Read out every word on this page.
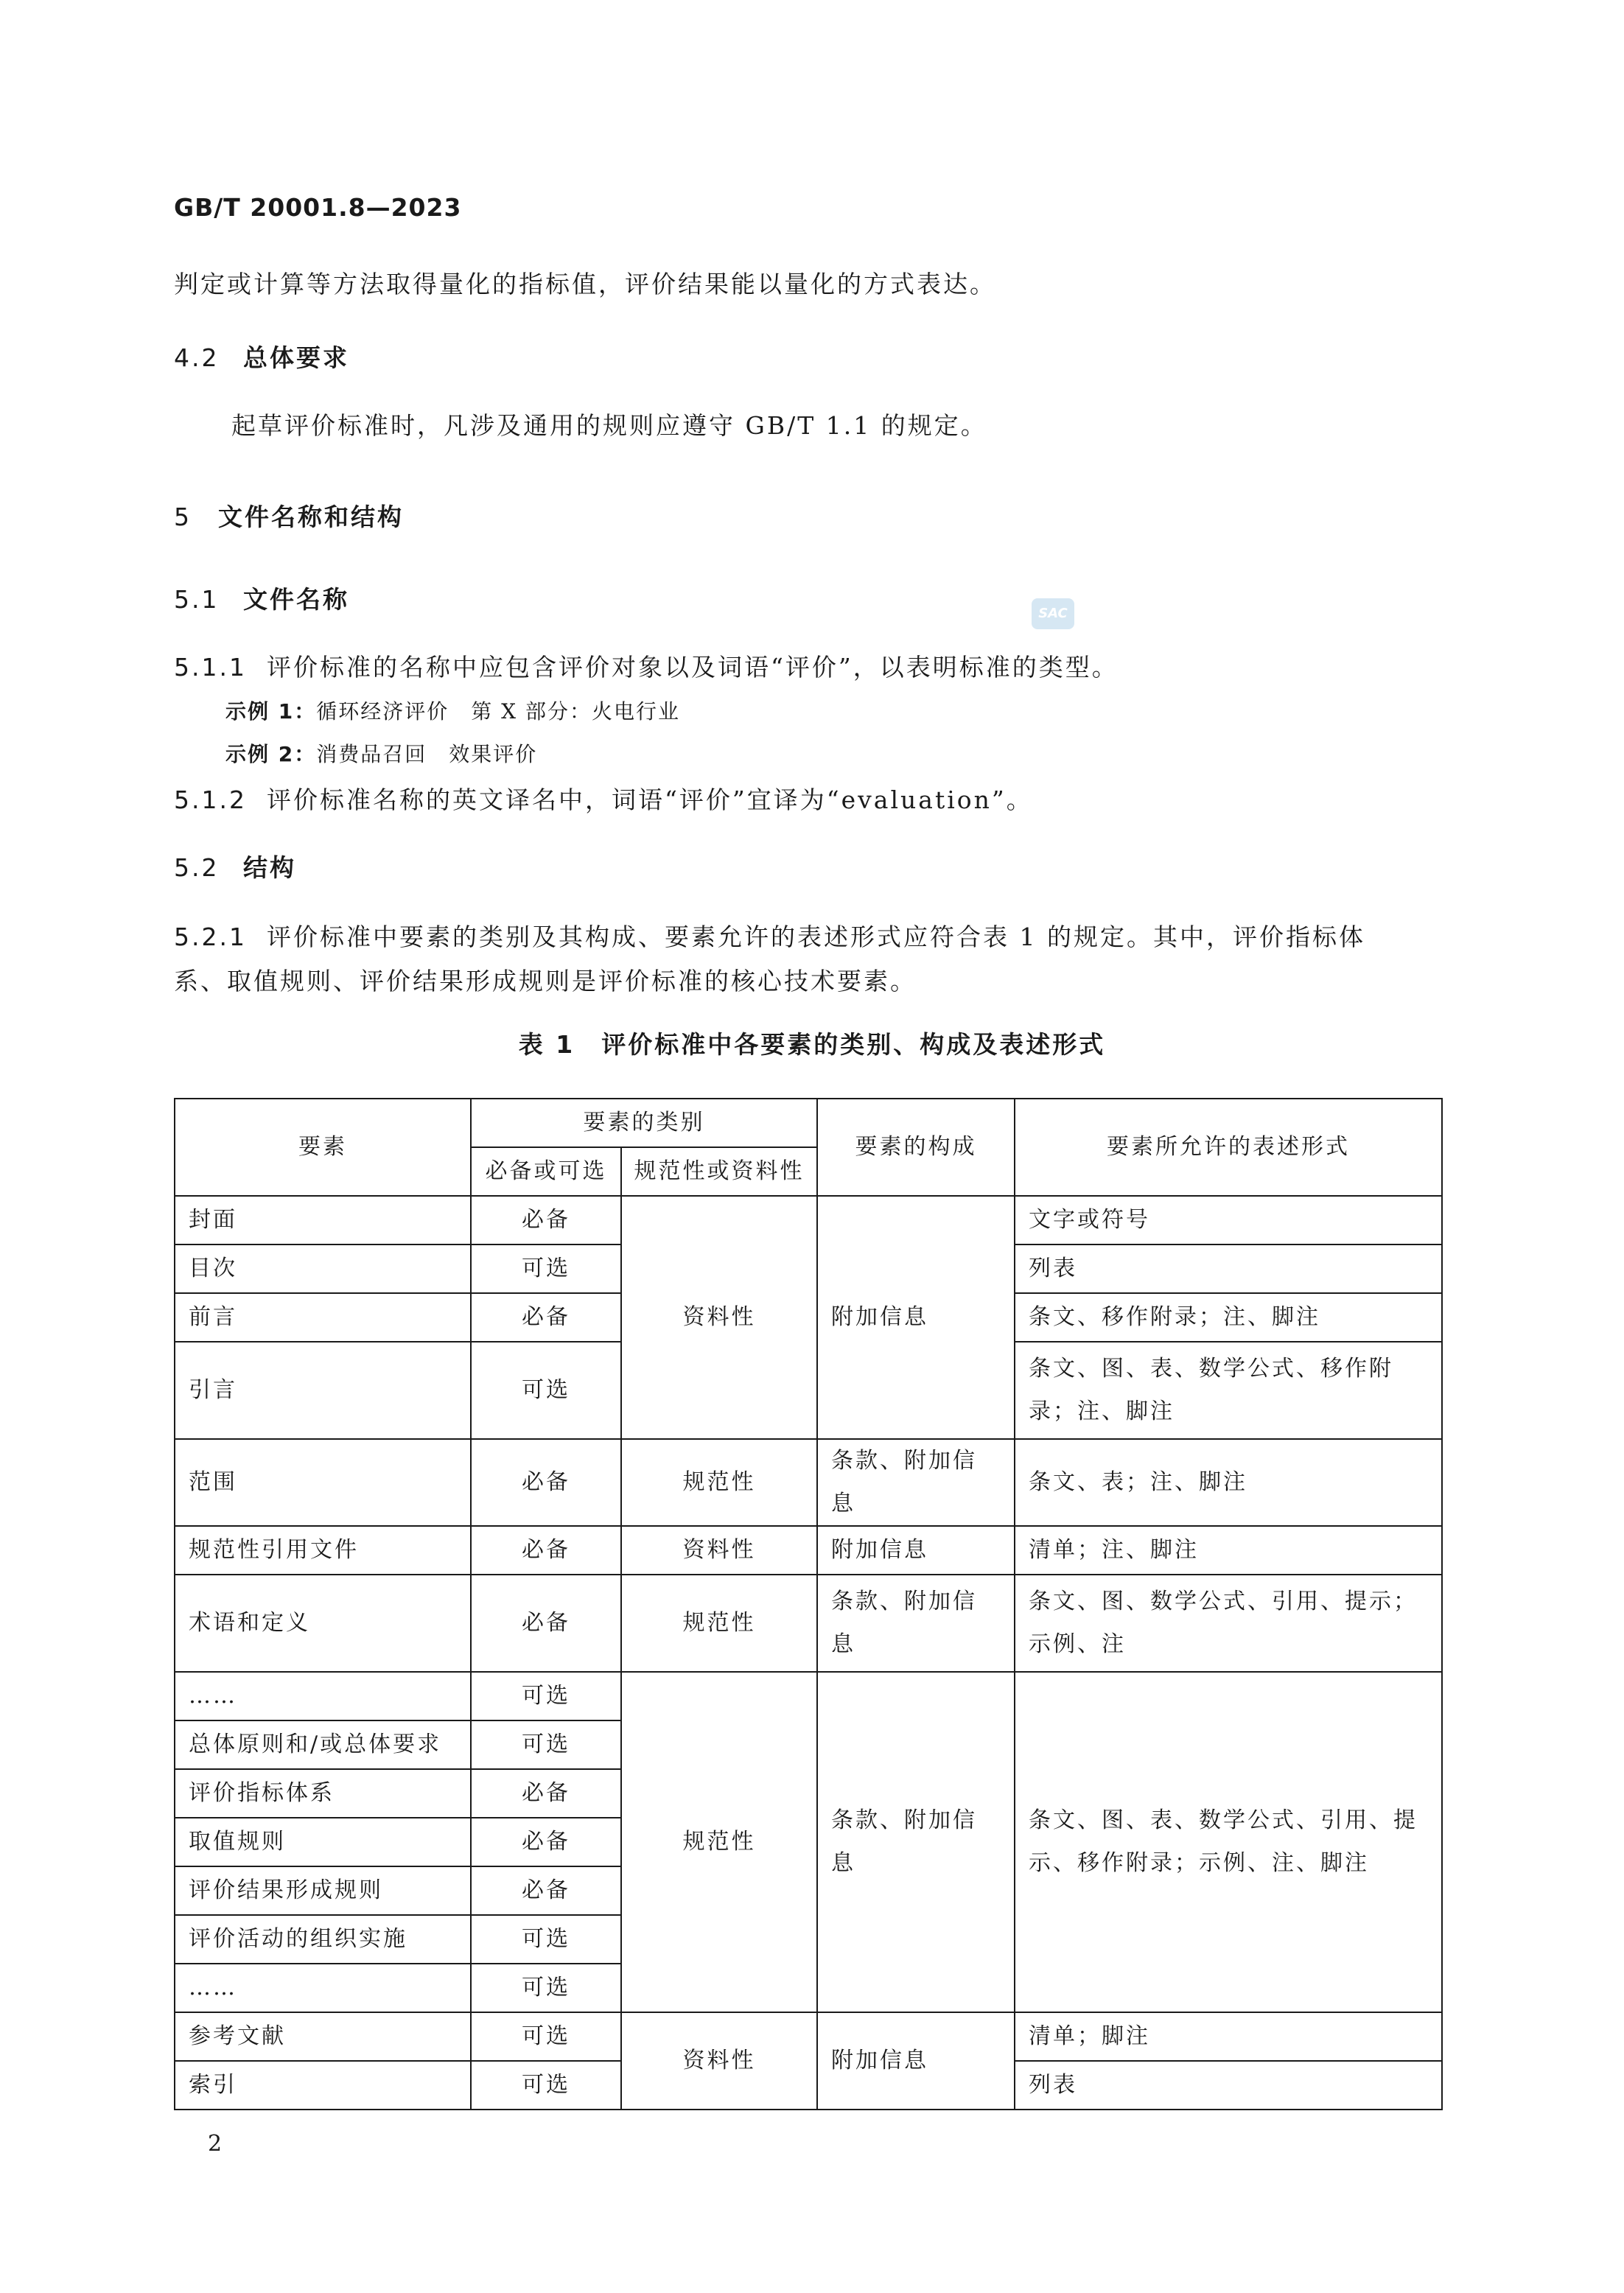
GB/T 20001.8—2023
判定或计算等方法取得量化的指标值，评价结果能以量化的方式表达。
4.2 总体要求
起草评价标准时，凡涉及通用的规则应遵守 GB/T 1.1 的规定。
5 文件名称和结构
5.1 文件名称	SAC
5.1.1 评价标准的名称中应包含评价对象以及词语“评价”，以表明标准的类型。
示例 1：循环经济评价　第 X 部分：火电行业
示例 2：消费品召回　效果评价
5.1.2 评价标准名称的英文译名中，词语“评价”宜译为“evaluation”。
5.2 结构
5.2.1 评价标准中要素的类别及其构成、要素允许的表述形式应符合表 1 的规定。其中，评价指标体
系、取值规则、评价结果形成规则是评价标准的核心技术要素。
表 1　评价标准中各要素的类别、构成及表述形式
要素	要素的类别		要素的构成	要素所允许的表述形式
	必备或可选	规范性或资料性		
封面	必备	资料性	附加信息	文字或符号
目次	可选			列表
前言	必备			条文、移作附录；注、脚注
引言	可选			条文、图、表、数学公式、移作附录；注、脚注
范围	必备	规范性	条款、附加信息	条文、表；注、脚注
规范性引用文件	必备	资料性	附加信息	清单；注、脚注
术语和定义	必备	规范性	条款、附加信息	条文、图、数学公式、引用、提示；示例、注
……	可选	规范性	条款、附加信息	条文、图、表、数学公式、引用、提示、移作附录；示例、注、脚注
总体原则和/或总体要求	可选			
评价指标体系	必备			
取值规则	必备			
评价结果形成规则	必备			
评价活动的组织实施	可选			
……	可选			
参考文献	可选	资料性	附加信息	清单；脚注
索引	可选			列表
2
